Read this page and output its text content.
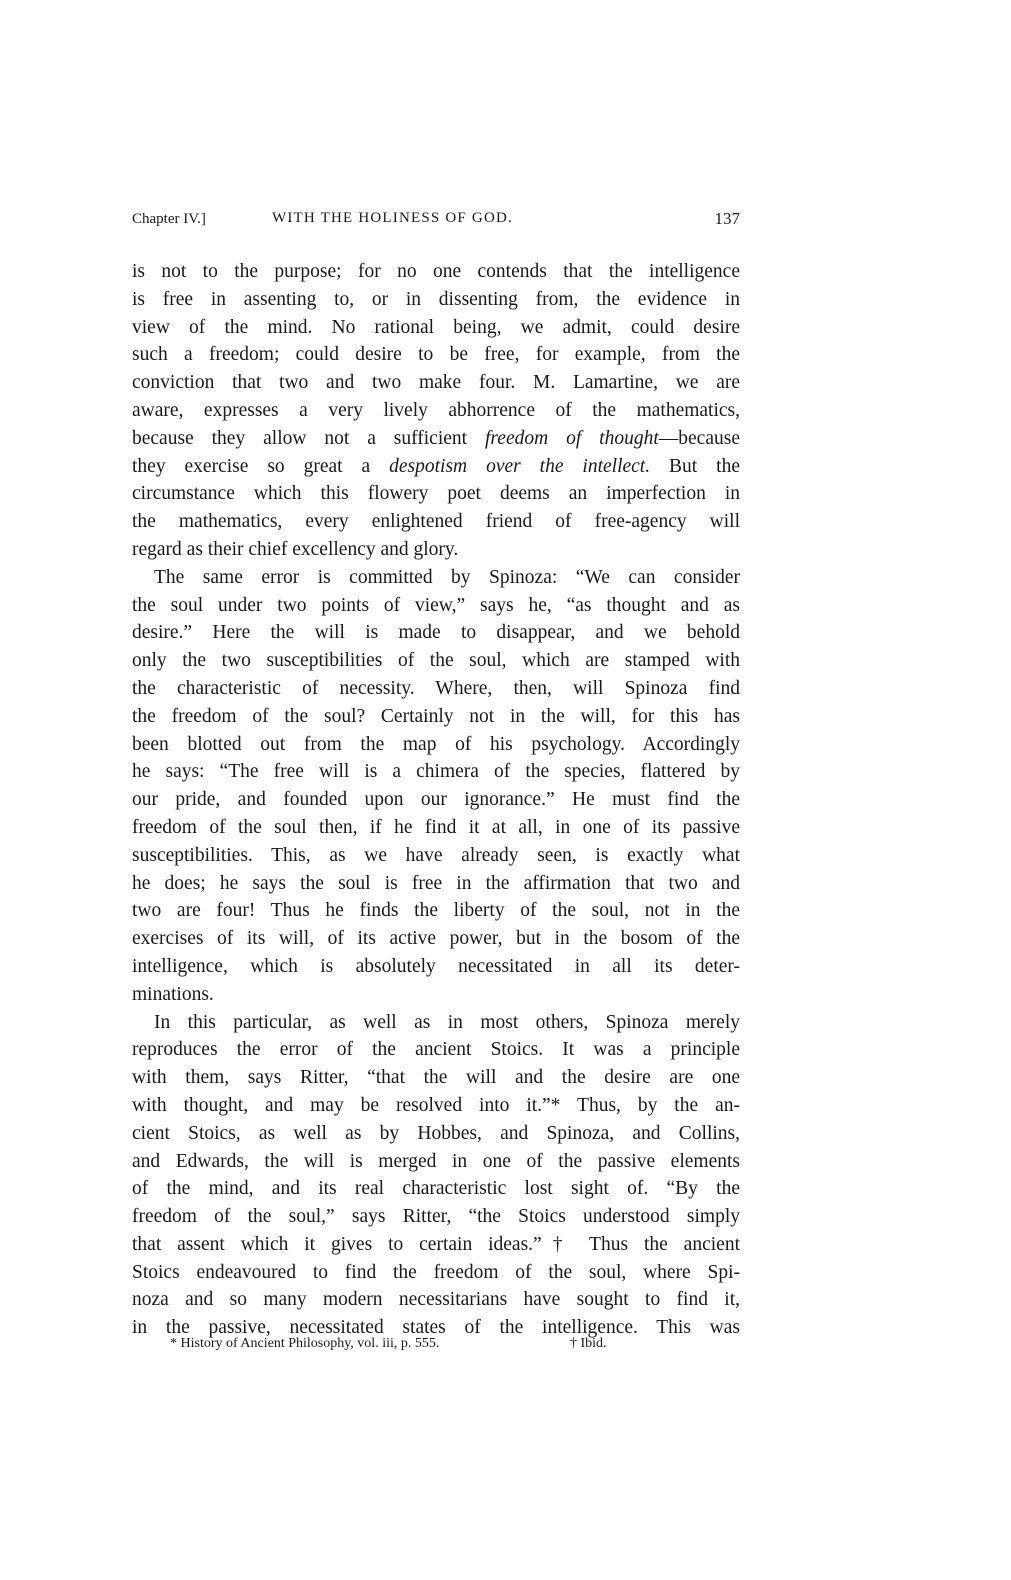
Chapter IV.]	WITH THE HOLINESS OF GOD.	137
is not to the purpose; for no one contends that the intelligence
is free in assenting to, or in dissenting from, the evidence in
view of the mind. No rational being, we admit, could desire
such a freedom; could desire to be free, for example, from the
conviction that two and two make four. M. Lamartine, we are
aware, expresses a very lively abhorrence of the mathematics,
because they allow not a sufficient freedom of thought—because
they exercise so great a despotism over the intellect. But the
circumstance which this flowery poet deems an imperfection in
the mathematics, every enlightened friend of free-agency will
regard as their chief excellency and glory.
The same error is committed by Spinoza: “We can consider
the soul under two points of view,” says he, “as thought and as
desire.” Here the will is made to disappear, and we behold
only the two susceptibilities of the soul, which are stamped with
the characteristic of necessity. Where, then, will Spinoza find
the freedom of the soul? Certainly not in the will, for this has
been blotted out from the map of his psychology. Accordingly
he says: “The free will is a chimera of the species, flattered by
our pride, and founded upon our ignorance.” He must find the
freedom of the soul then, if he find it at all, in one of its passive
susceptibilities. This, as we have already seen, is exactly what
he does; he says the soul is free in the affirmation that two and
two are four! Thus he finds the liberty of the soul, not in the
exercises of its will, of its active power, but in the bosom of the
intelligence, which is absolutely necessitated in all its deter-
minations.
In this particular, as well as in most others, Spinoza merely
reproduces the error of the ancient Stoics. It was a principle
with them, says Ritter, “that the will and the desire are one
with thought, and may be resolved into it.”* Thus, by the an-
cient Stoics, as well as by Hobbes, and Spinoza, and Collins,
and Edwards, the will is merged in one of the passive elements
of the mind, and its real characteristic lost sight of. “By the
freedom of the soul,” says Ritter, “the Stoics understood simply
that assent which it gives to certain ideas.”† Thus the ancient
Stoics endeavoured to find the freedom of the soul, where Spi-
noza and so many modern necessitarians have sought to find it,
in the passive, necessitated states of the intelligence. This was
* History of Ancient Philosophy, vol. iii, p. 555.	† Ibid.
